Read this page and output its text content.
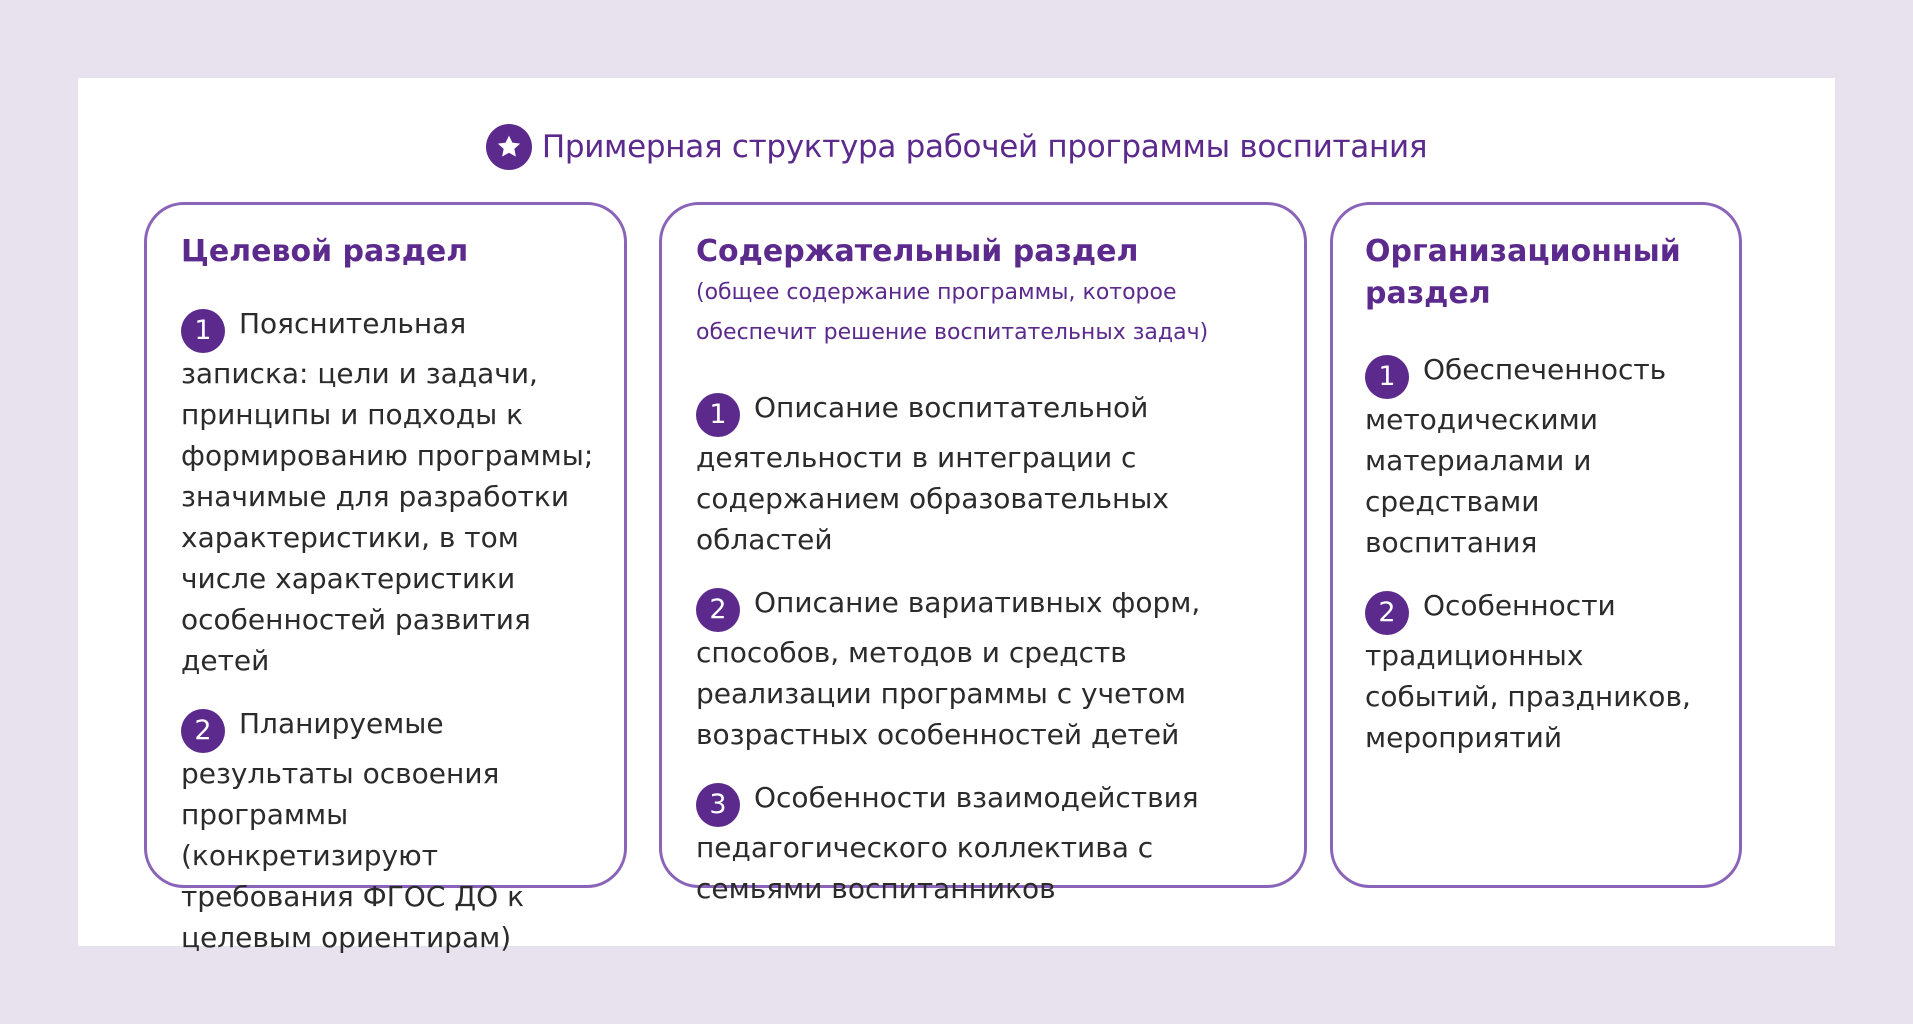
Примерная структура рабочей программы воспитания

Целевой раздел

1 Пояснительная записка: цели и задачи, принципы и подходы к формированию программы; значимые для разработки характеристики, в том числе характеристики особенностей развития детей
2 Планируемые результаты освоения программы (конкретизируют требования ФГОС ДО к целевым ориентирам)

Содержательный раздел

(общее содержание программы, которое обеспечит решение воспитательных задач)

1 Описание воспитательной деятельности в интеграции с содержанием образовательных областей
2 Описание вариативных форм, способов, методов и средств реализации программы с учетом возрастных особенностей детей
3 Особенности взаимодействия педагогического коллектива с семьями воспитанников

Организационный раздел

1 Обеспеченность методическими материалами и средствами воспитания
2 Особенности традиционных событий, праздников, мероприятий
